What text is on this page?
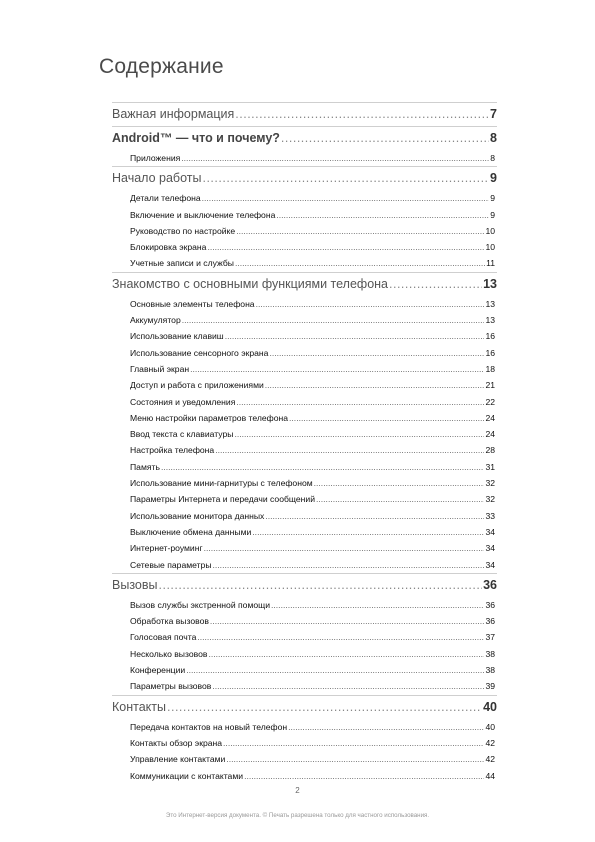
Содержание
Важная информация .....	7
Android™ — что и почему? .....	8
Приложения .....	8
Начало работы .....	9
Детали телефона .....	9
Включение и выключение телефона .....	9
Руководство по настройке .....	10
Блокировка экрана .....	10
Учетные записи и службы .....	11
Знакомство с основными функциями телефона .....	13
Основные элементы телефона .....	13
Аккумулятор .....	13
Использование клавиш .....	16
Использование сенсорного экрана .....	16
Главный экран .....	18
Доступ и работа с приложениями .....	21
Состояния и уведомления .....	22
Меню настройки параметров телефона .....	24
Ввод текста с клавиатуры .....	24
Настройка телефона .....	28
Память .....	31
Использование мини-гарнитуры с телефоном .....	32
Параметры Интернета и передачи сообщений .....	32
Использование монитора данных .....	33
Выключение обмена данными .....	34
Интернет-роуминг .....	34
Сетевые параметры .....	34
Вызовы .....	36
Вызов службы экстренной помощи .....	36
Обработка вызовов .....	36
Голосовая почта .....	37
Несколько вызовов .....	38
Конференции .....	38
Параметры вызовов .....	39
Контакты .....	40
Передача контактов на новый телефон .....	40
Контакты обзор экрана .....	42
Управление контактами .....	42
Коммуникации с контактами .....	44
2
Это Интернет-версия документа. © Печать разрешена только для частного использования.
